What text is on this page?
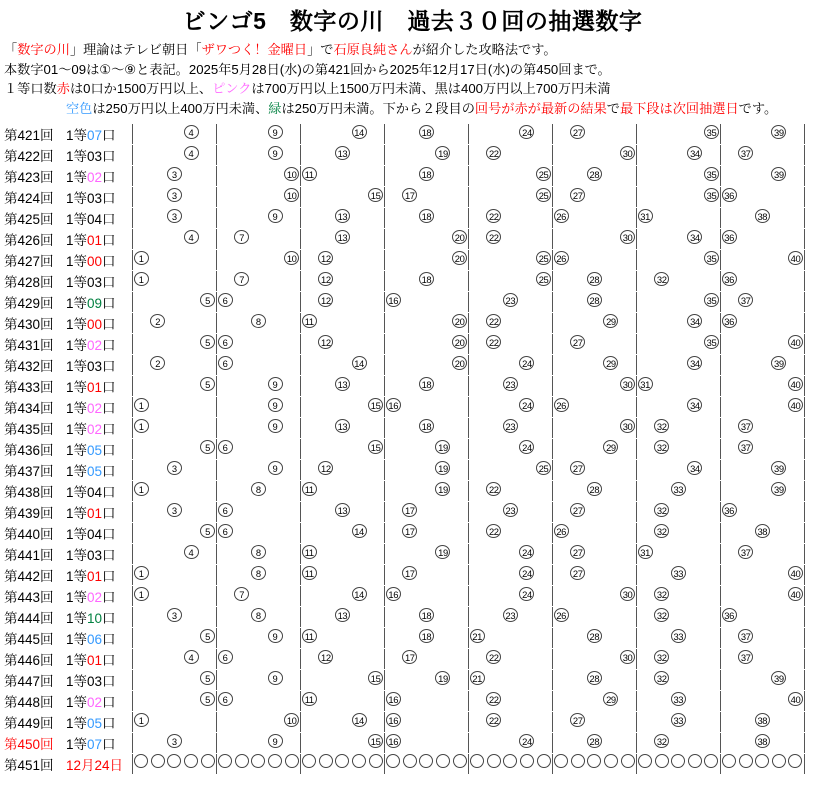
ビンゴ5　数字の川　過去３０回の抽選数字
「数字の川」理論はテレビ朝日「ザワつく！金曜日」で石原良純さんが紹介した攻略法です。
本数字01～09は①～⑨と表記。2025年5月28日(水)の第421回から2025年12月17日(水)の第450回まで。
１等口数赤は0口か1500万円以上、ピンクは700万円以上1500万円未満、黒は400万円以上700万円未満
空色は250万円以上400万円未満、緑は250万円未満。下から２段目の回号が赤が最新の結果で最下段は次回抽選日です。
第421回 1等07口	4	9	14	18	24	27	35	39
第422回 1等03口	4	9	13	19	22	30	34	37
第423回 1等02口	3	10 11	18	25	28	35	39
第424回 1等03口	3	10	15	17	25	27	35 36
第425回 1等04口	3	9	13	18	22	26	31	38
第426回 1等01口	4	7	13	20	22	30	34	36
第427回 1等00口 1	10	12	20	25 26	35	40
第428回 1等03口 1	7	12	18	25	28	32	36
第429回 1等09口	5 6	12	16	23	28	35	37
第430回 1等00口	2	8	11	20	22	29	34	36
第431回 1等02口	5 6	12	20	22	27	35	40
第432回 1等03口	2	6	14	20	24	29	34	39
第433回 1等01口	5	9	13	18	23	30 31	40
第434回 1等02口 1	9	15 16	24	26	34	40
第435回 1等02口 1	9	13	18	23	30	32	37
第436回 1等05口	5 6	15	19	24	29	32	37
第437回 1等05口	3	9	12	19	25	27	34	39
第438回 1等04口 1	8	11	19	22	28	33	39
第439回 1等01口	3	6	13	17	23	27	32	36
第440回 1等04口	5 6	14	17	22	26	32	38
第441回 1等03口	4	8	11	19	24	27	31	37
第442回 1等01口 1	8	11	17	24	27	33	40
第443回 1等02口 1	7	14	16	24	30	32	40
第444回 1等10口	3	8	13	18	23	26	32	36
第445回 1等06口	5	9	11	18	21	28	33	37
第446回 1等01口	4	6	12	17	22	30	32	37
第447回 1等03口	5	9	15	19	21	28	32	39
第448回 1等02口	5 6	11	16	22	29	33	40
第449回 1等05口 1	10	14	16	22	27	33	38
第450回 1等07口	3	9	15 16	24	28	32	38
第451回 12月24日
